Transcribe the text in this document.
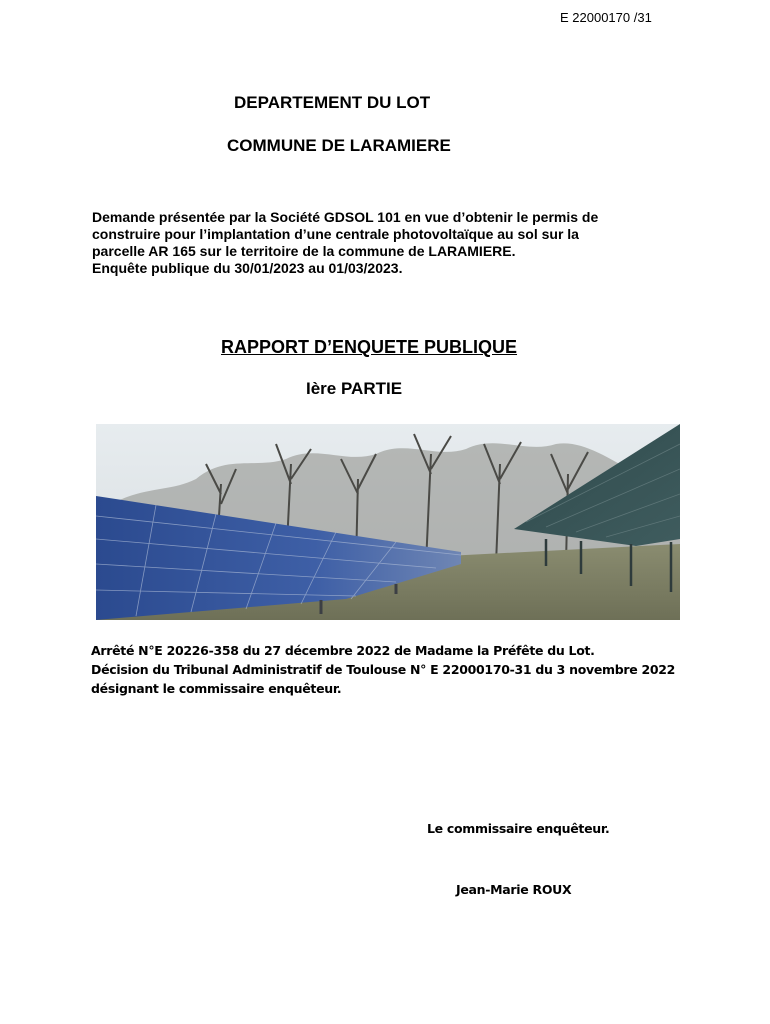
E 22000170 /31
DEPARTEMENT DU LOT
COMMUNE DE LARAMIERE
Demande présentée par la Société GDSOL 101 en vue d’obtenir le permis de
construire pour l’implantation d’une centrale photovoltaïque au sol sur la
parcelle AR 165 sur le territoire de la commune de LARAMIERE.
Enquête publique du 30/01/2023 au 01/03/2023.
RAPPORT D’ENQUETE PUBLIQUE
Ière PARTIE
Arrêté N°E 20226-358 du 27 décembre 2022 de Madame la Préfête du Lot.
Décision du Tribunal Administratif de Toulouse N° E 22000170-31 du 3 novembre 2022
désignant le commissaire enquêteur.
Le commissaire enquêteur.
Jean-Marie ROUX
